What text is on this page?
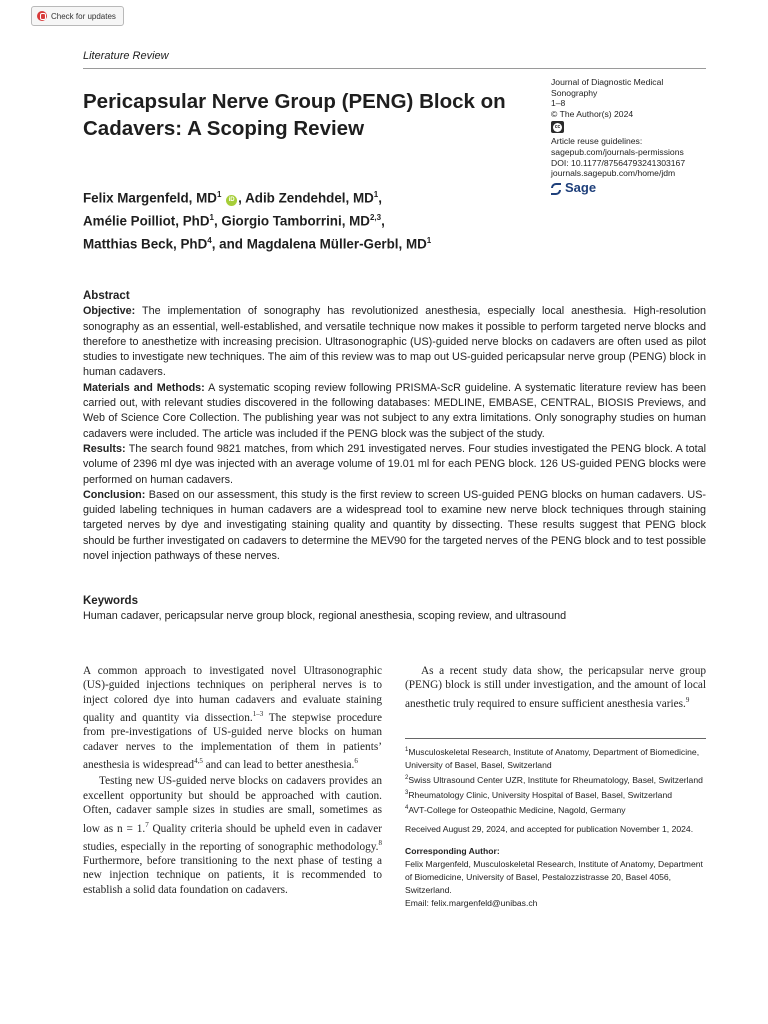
Check for updates
Literature Review
Pericapsular Nerve Group (PENG) Block on Cadavers: A Scoping Review
Journal of Diagnostic Medical Sonography
1–8
© The Author(s) 2024
cc
Article reuse guidelines:
sagepub.com/journals-permissions
DOI: 10.1177/87564793241303167
journals.sagepub.com/home/jdm
Sage

Felix Margenfeld, $MD^1$ iD , Adib Zendehdel, $MD^1$,
Amélie Poilliot, PhD$^1$, Giorgio Tamborrini, MD$^{2,3}$,
Matthias Beck, PhD$^4$, and Magdalena Müller-Gerbl, $MD^1$

Abstract

Objective: The implementation of sonography has revolutionized anesthesia, especially local anesthesia. High-resolution sonography as an essential, well-established, and versatile technique now makes it possible to perform targeted nerve blocks and therefore to anesthetize with increasing precision. Ultrasonographic (US)-guided nerve blocks on cadavers are often used as pilot studies to investigate new techniques. The aim of this review was to map out US-guided pericapsular nerve group (PENG) block in human cadavers.

Materials and Methods: A systematic scoping review following PRISMA-ScR guideline. A systematic literature review has been carried out, with relevant studies discovered in the following databases: MEDLINE, EMBASE, CENTRAL, BIOSIS Previews, and Web of Science Core Collection. The publishing year was not subject to any extra limitations. Only sonography studies on human cadavers were included. The article was included if the PENG block was the subject of the study.

Results: The search found 9821 matches, from which 291 investigated nerves. Four studies investigated the PENG block. A total volume of 2396 ml dye was injected with an average volume of 19.01 ml for each PENG block. 126 US-guided PENG blocks were performed on human cadavers.

Conclusion: Based on our assessment, this study is the first review to screen US-guided PENG blocks on human cadavers. US-guided labeling techniques in human cadavers are a widespread tool to examine new nerve block techniques through staining targeted nerves by dye and investigating staining quality and quantity by dissecting. These results suggest that PENG block should be further investigated on cadavers to determine the MEV90 for the targeted nerves of the PENG block and to test possible novel injection pathways of these nerves.

Keywords

Human cadaver, pericapsular nerve group block, regional anesthesia, scoping review, and ultrasound

A common approach to investigated novel Ultrasonographic (US)-guided injections techniques on peripheral nerves is to inject colored dye into human cadavers and evaluate staining quality and quantity via dissection.$^{1-3}$ The stepwise procedure from pre-investigations of US-guided nerve blocks on human cadaver nerves to the implementation of them in patients’ anesthesia is widespread$^{4,5}$ and can lead to better anesthesia.$^6$

Testing new US-guided nerve blocks on cadavers provides an excellent opportunity but should be approached with caution. Often, cadaver sample sizes in studies are small, sometimes as low as n = 1.$^7$ Quality criteria should be upheld even in cadaver studies, especially in the reporting of sonographic methodology.$^8$ Furthermore, before transitioning to the next phase of testing a new injection technique on patients, it is recommended to establish a solid data foundation on cadavers.

As a recent study data show, the pericapsular nerve group (PENG) block is still under investigation, and the amount of local anesthetic truly required to ensure sufficient anesthesia varies.$^9$

$^1$Musculoskeletal Research, Institute of Anatomy, Department of Biomedicine, University of Basel, Basel, Switzerland

$^2$Swiss Ultrasound Center UZR, Institute for Rheumatology, Basel, Switzerland

$^3$Rheumatology Clinic, University Hospital of Basel, Basel, Switzerland

$^4$AVT-College for Osteopathic Medicine, Nagold, Germany

Received August 29, 2024, and accepted for publication November 1, 2024.

Corresponding Author:

Felix Margenfeld, Musculoskeletal Research, Institute of Anatomy, Department of Biomedicine, University of Basel, Pestalozzistrasse 20, Basel 4056, Switzerland.

Email: felix.margenfeld@unibas.ch
